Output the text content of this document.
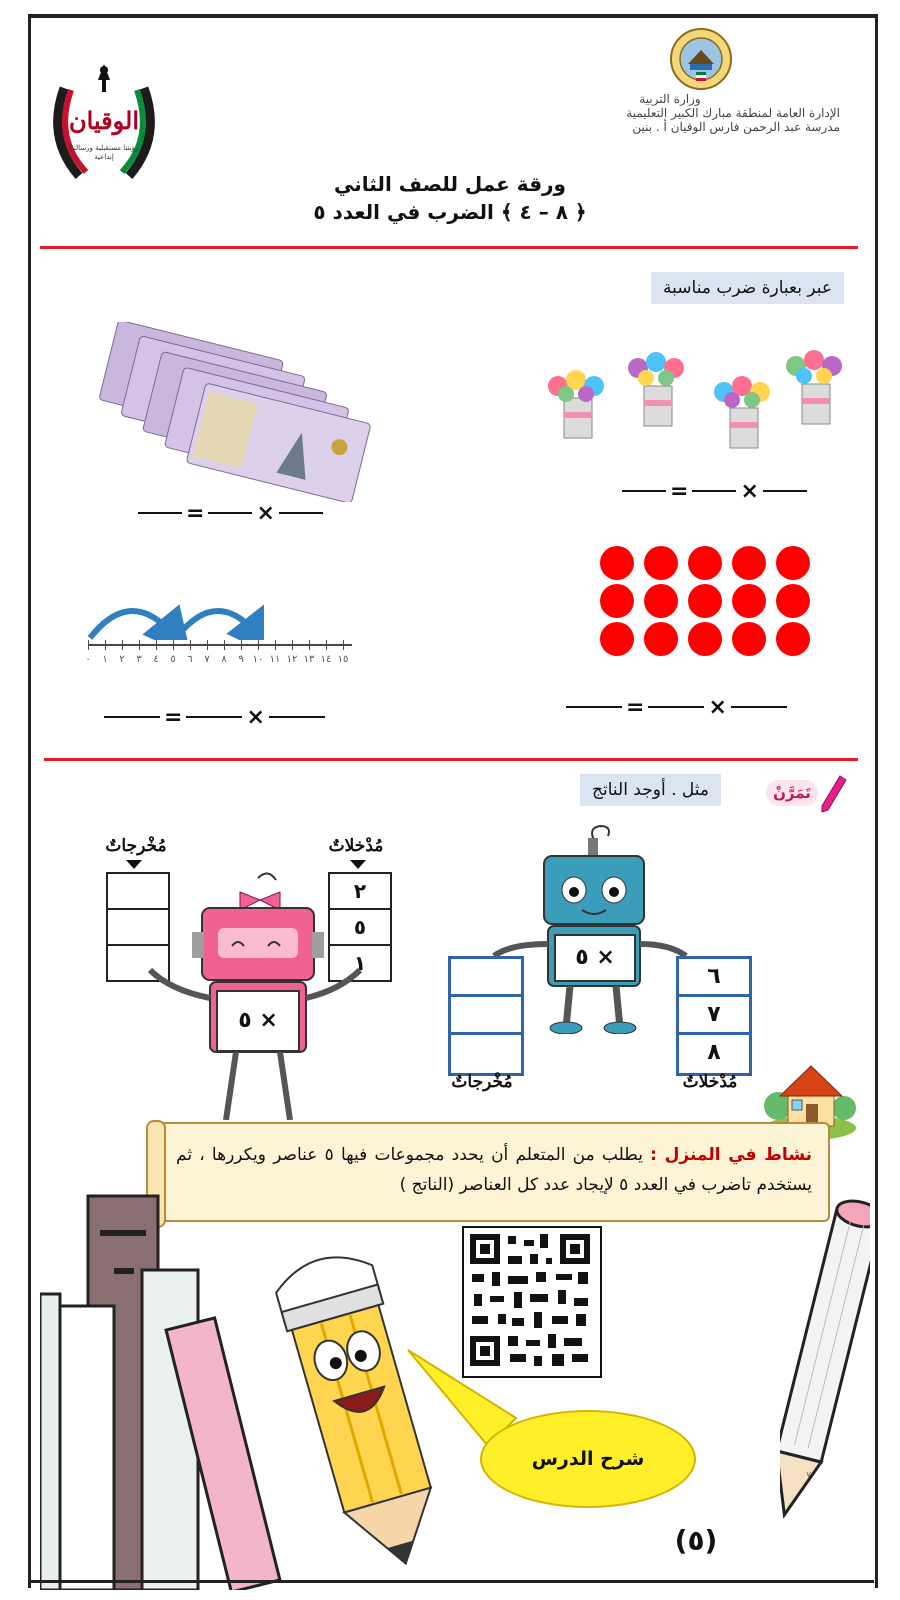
وزارة التربية
الإدارة العامة لمنطقة مبارك الكبير التعليمية
مدرسة عبد الرحمن فارس الوقيان أ . بنين
الوقيان
رؤيتنا مستقبلية ورسالتنا إبداعية
ورقة عمل للصف الثاني
﴿ ٨ – ٤ ﴾ الضرب في العدد ٥
عبر بعبارة ضرب مناسبة
= ×
= ×
=	×
٠	١	٢	٣	٤	٥	٦	٧	٨	٩ ١٠ ١١ ١٢ ١٣ ١٤ ١٥
=	×
تَمَرَّنْ
مثل . أوجد الناتج
مُخْرجاتٌ	مُدْخلاتٌ
٢
٥
١
× ٥
× ٥
مُخْرجاتٌ
٦
٧
٨
مُدْخلاتٌ
نشاط في المنزل : يطلب من المتعلم أن يحدد مجموعات فيها ٥ عناصر ويكررها ، ثم يستخدم تاضرب في العدد ٥ لإيجاد عدد كل العناصر (الناتج )
٧
شرح الدرس
(٥)
